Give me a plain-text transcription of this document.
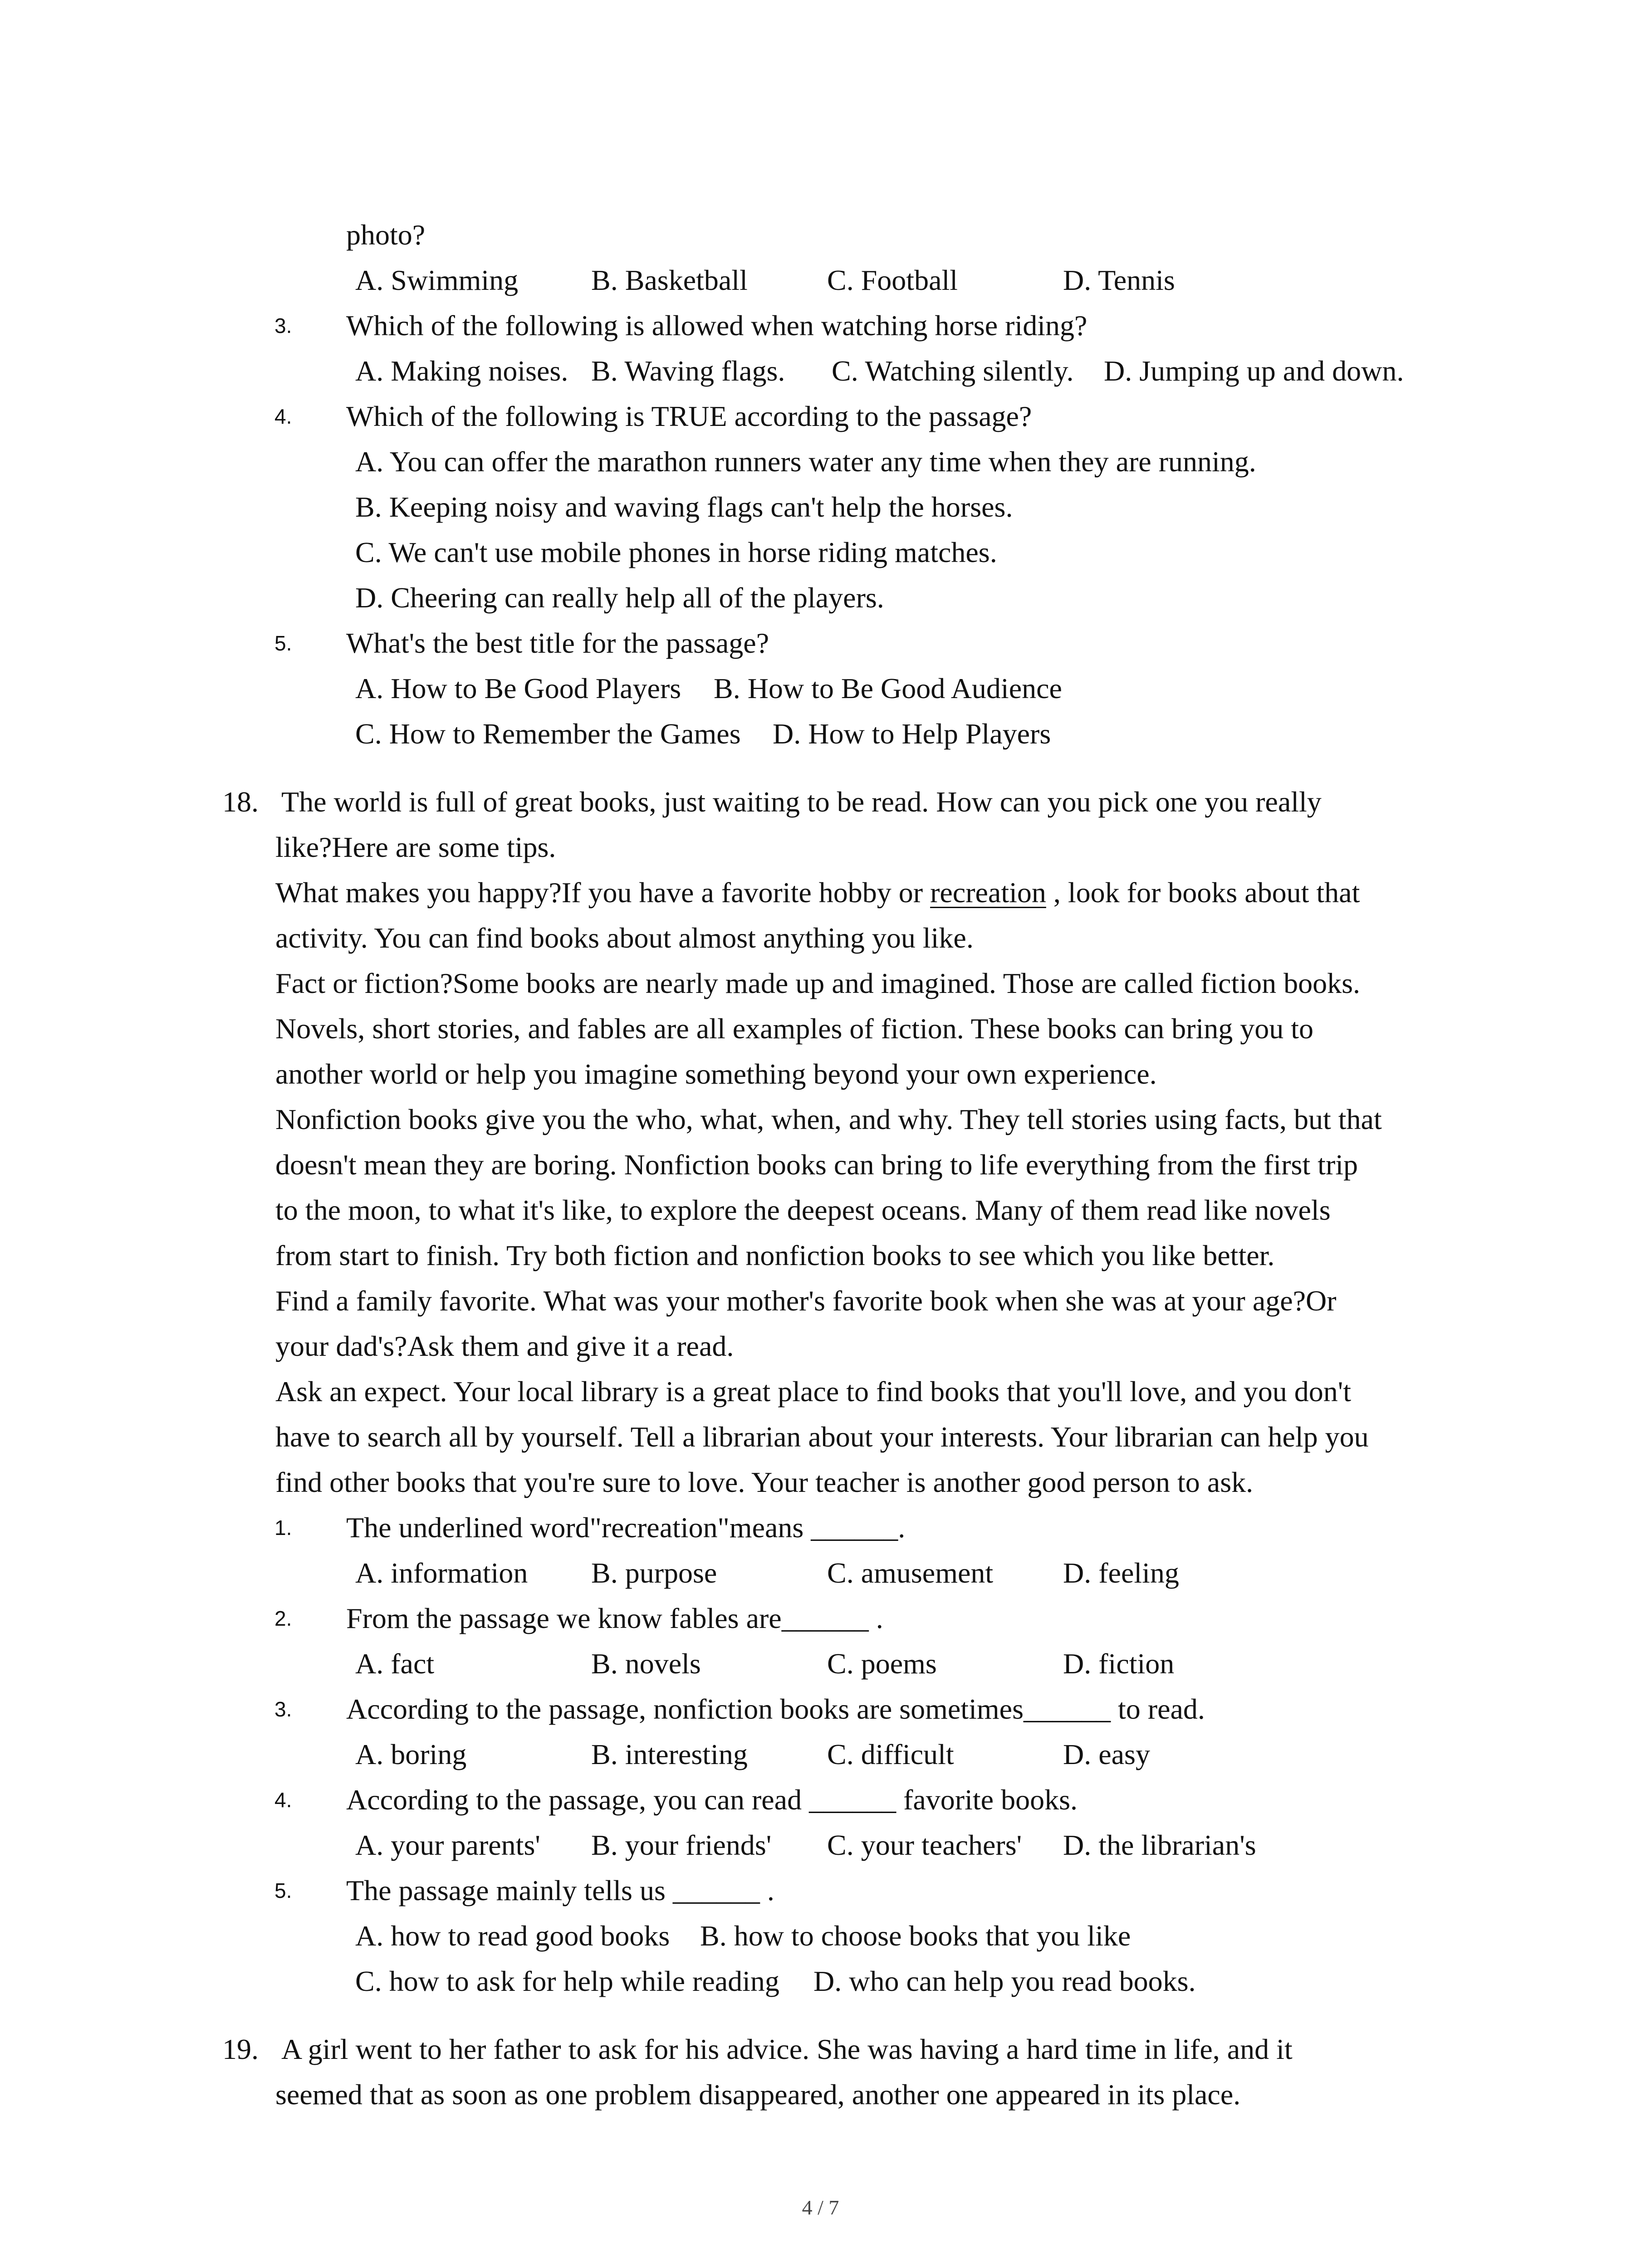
photo?
A. Swimming	B. Basketball	C. Football	D. Tennis
3. Which of the following is allowed when watching horse riding?
A. Making noises. B. Waving flags. C. Watching silently. D. Jumping up and down.
4. Which of the following is TRUE according to the passage?
A. You can offer the marathon runners water any time when they are running.
B. Keeping noisy and waving flags can't help the horses.
C. We can't use mobile phones in horse riding matches.
D. Cheering can really help all of the players.
5. What's the best title for the passage?
A. How to Be Good Players B. How to Be Good Audience
C. How to Remember the Games D. How to Help Players
18. The world is full of great books, just waiting to be read. How can you pick one you really
like?Here are some tips.
What makes you happy?If you have a favorite hobby or recreation , look for books about that
activity. You can find books about almost anything you like.
Fact or fiction?Some books are nearly made up and imagined. Those are called fiction books.
Novels, short stories, and fables are all examples of fiction. These books can bring you to
another world or help you imagine something beyond your own experience.
Nonfiction books give you the who, what, when, and why. They tell stories using facts, but that
doesn't mean they are boring. Nonfiction books can bring to life everything from the first trip
to the moon, to what it's like, to explore the deepest oceans. Many of them read like novels
from start to finish. Try both fiction and nonfiction books to see which you like better.
Find a family favorite. What was your mother's favorite book when she was at your age?Or
your dad's?Ask them and give it a read.
Ask an expect. Your local library is a great place to find books that you'll love, and you don't
have to search all by yourself. Tell a librarian about your interests. Your librarian can help you
find other books that you're sure to love. Your teacher is another good person to ask.
1. The underlined word"recreation"means ______.
A. information B. purpose	C. amusement D. feeling
2. From the passage we know fables are______ .
A. fact	B. novels	C. poems	D. fiction
3. According to the passage, nonfiction books are sometimes______ to read.
A. boring	B. interesting	C. difficult	D. easy
4. According to the passage, you can read ______ favorite books.
A. your parents' B. your friends' C. your teachers' D. the librarian's
5. The passage mainly tells us ______ .
A. how to read good books B. how to choose books that you like
C. how to ask for help while reading D. who can help you read books.
19. A girl went to her father to ask for his advice. She was having a hard time in life, and it
seemed that as soon as one problem disappeared, another one appeared in its place.
4 / 7
